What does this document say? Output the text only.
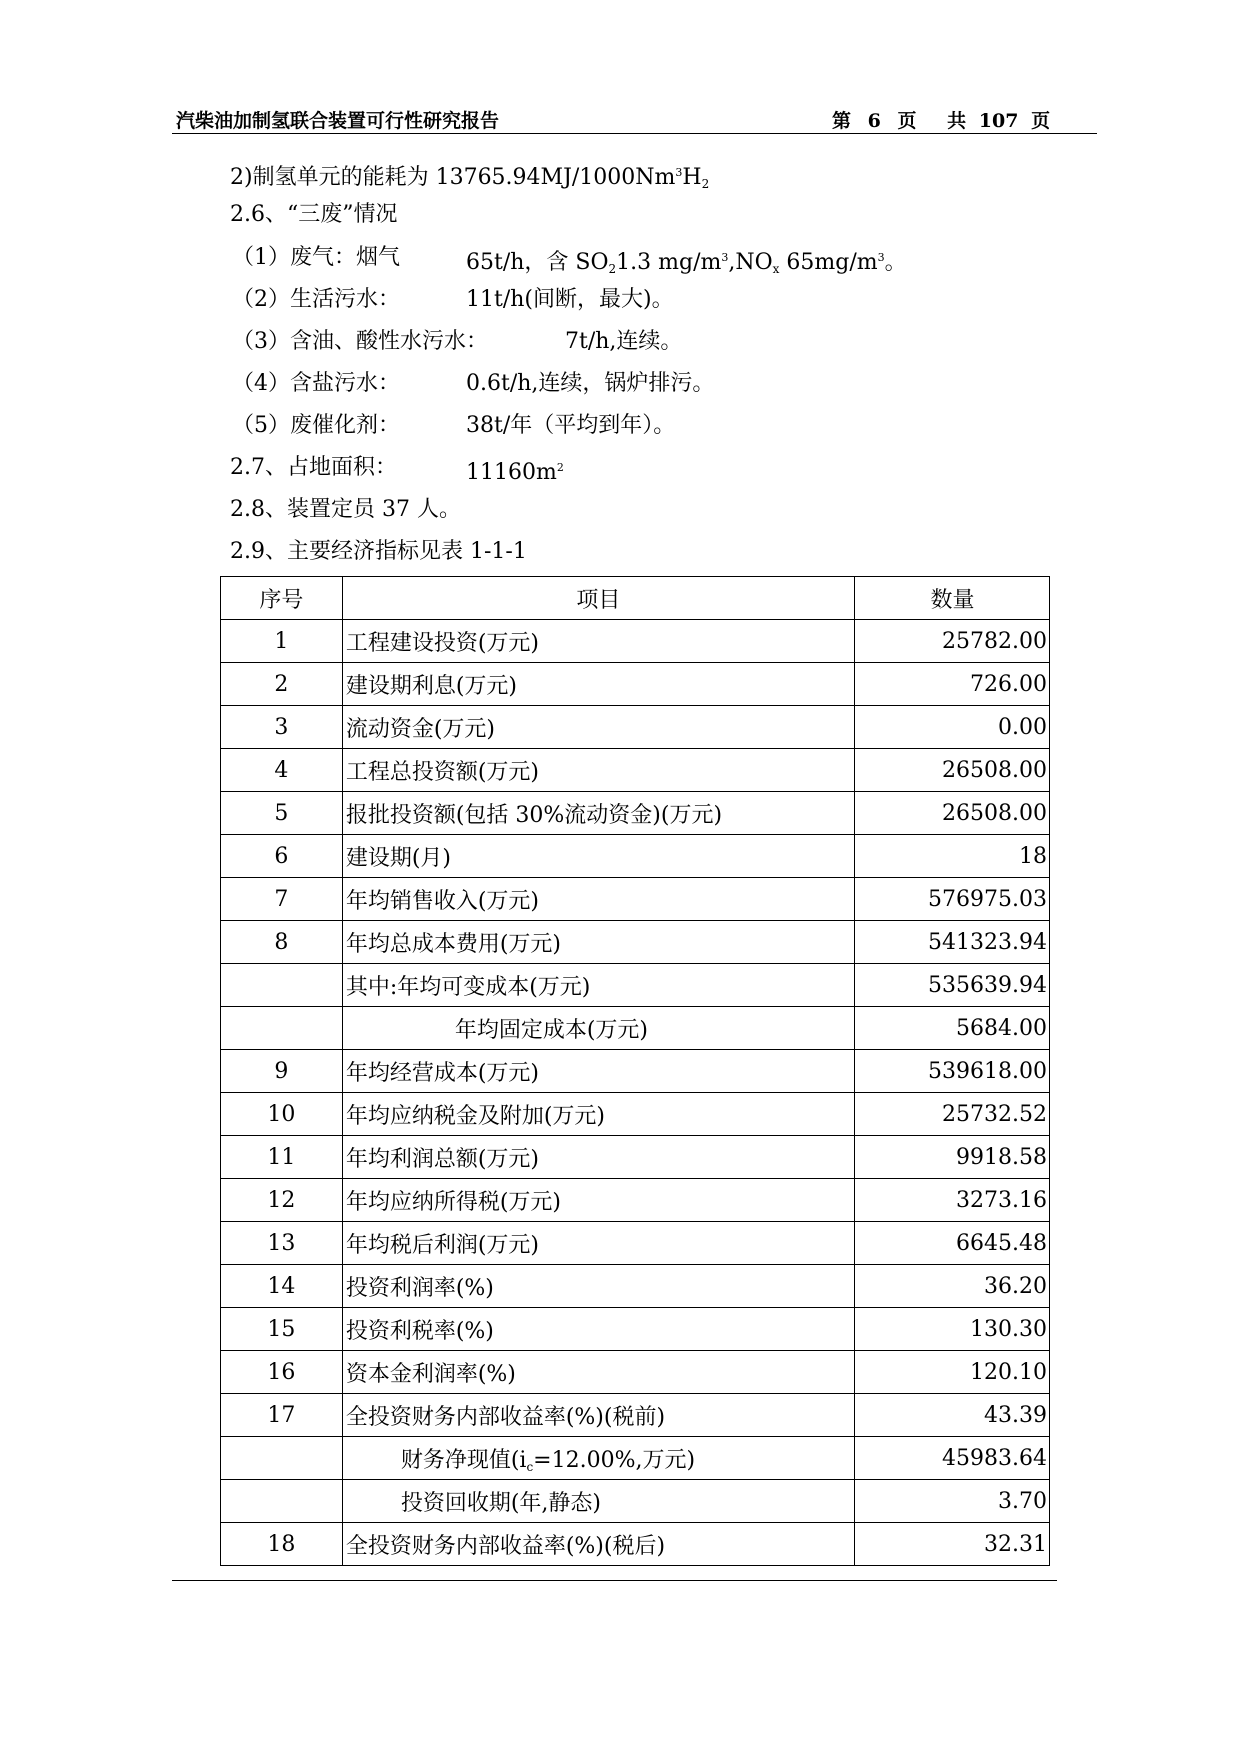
汽柴油加制氢联合装置可行性研究报告	第 6 页 共 107 页
2)制氢单元的能耗为 $13765.94MJ/1000Nm^3H_2$
2.6、“三废”情况
（1）废气：烟气	65t/h，含 $SO_21.3$ $mg/m^3,NO_x$ $65mg/m^3$。
（2）生活污水：	11t/h(间断，最大)。
（3）含油、酸性水污水：	7t/h,连续。
（4）含盐污水：	0.6t/h,连续，锅炉排污。
（5）废催化剂：	38t/年（平均到年）。
2.7、占地面积：	$11160m^2$
2.8、装置定员 37 人。
2.9、主要经济指标见表 1-1-1
序号	项目	数量
1	工程建设投资(万元)	25782.00
2	建设期利息(万元)	726.00
3	流动资金(万元)	0.00
4	工程总投资额(万元)	26508.00
5	报批投资额(包括 30%流动资金)(万元)	26508.00
6	建设期(月)	18
7	年均销售收入(万元)	576975.03
8	年均总成本费用(万元)	541323.94
	其中:年均可变成本(万元)	535639.94
	年均固定成本(万元)	5684.00
9	年均经营成本(万元)	539618.00
10	年均应纳税金及附加(万元)	25732.52
11	年均利润总额(万元)	9918.58
12	年均应纳所得税(万元)	3273.16
13	年均税后利润(万元)	6645.48
14	投资利润率(%)	36.20
15	投资利税率(%)	130.30
16	资本金利润率(%)	120.10
17	全投资财务内部收益率(%)(税前)	43.39
	财务净现值($i_c=12.00\%$,万元)	45983.64
	投资回收期(年,静态)	3.70
18	全投资财务内部收益率(%)(税后)	32.31
